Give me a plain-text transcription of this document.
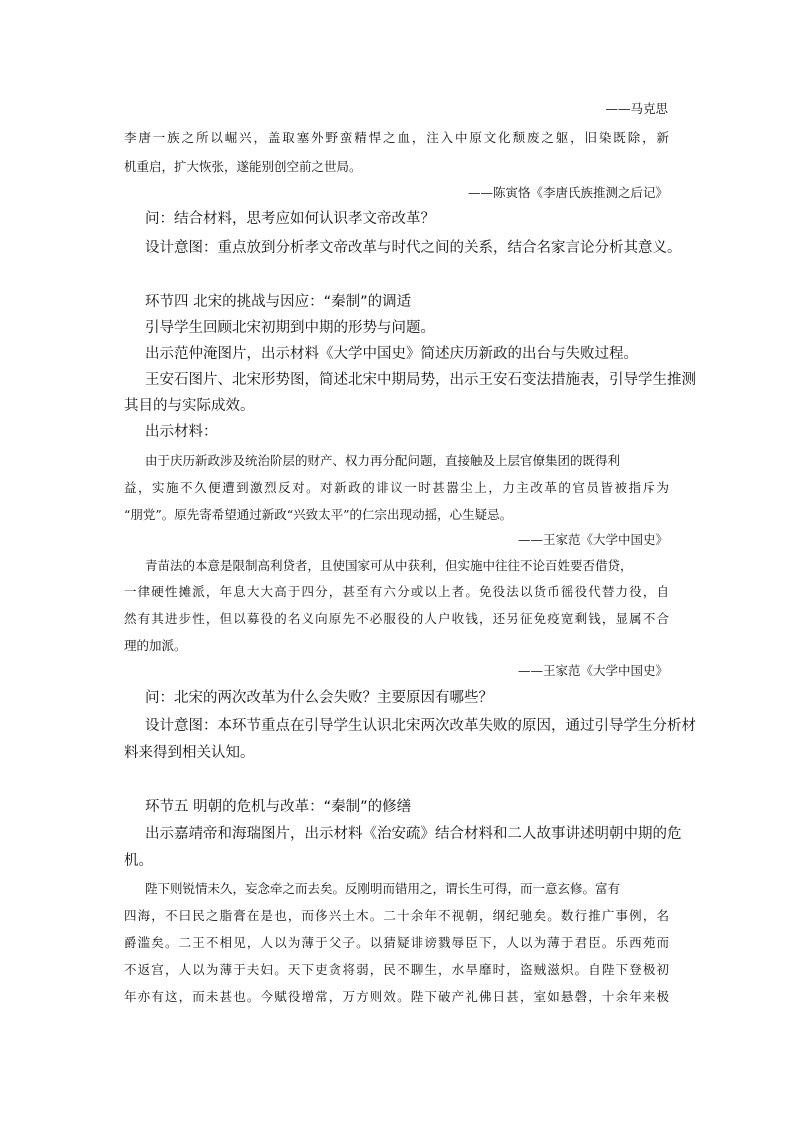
——马克思
李唐一族之所以崛兴，盖取塞外野蛮精悍之血，注入中原文化颓废之躯，旧染既除，新
机重启，扩大恢张，遂能别创空前之世局。
——陈寅恪《李唐氏族推测之后记》
问：结合材料，思考应如何认识孝文帝改革？
设计意图：重点放到分析孝文帝改革与时代之间的关系，结合名家言论分析其意义。
环节四 北宋的挑战与因应：“秦制”的调适
引导学生回顾北宋初期到中期的形势与问题。
出示范仲淹图片，出示材料《大学中国史》简述庆历新政的出台与失败过程。
王安石图片、北宋形势图，简述北宋中期局势，出示王安石变法措施表，引导学生推测
其目的与实际成效。
出示材料：
由于庆历新政涉及统治阶层的财产、权力再分配问题，直接触及上层官僚集团的既得利
益，实施不久便遭到激烈反对。对新政的诽议一时甚嚣尘上，力主改革的官员皆被指斥为
“朋党”。原先寄希望通过新政“兴致太平”的仁宗出现动摇，心生疑忌。
——王家范《大学中国史》
青苗法的本意是限制高利贷者，且使国家可从中获利，但实施中往往不论百姓要否借贷，
一律硬性摊派，年息大大高于四分，甚至有六分或以上者。免役法以货币徭役代替力役，自
然有其进步性，但以募役的名义向原先不必服役的人户收钱，还另征免疫宽剩钱，显属不合
理的加派。
——王家范《大学中国史》
问：北宋的两次改革为什么会失败？主要原因有哪些？
设计意图：本环节重点在引导学生认识北宋两次改革失败的原因，通过引导学生分析材
料来得到相关认知。
环节五 明朝的危机与改革：“秦制”的修缮
出示嘉靖帝和海瑞图片，出示材料《治安疏》结合材料和二人故事讲述明朝中期的危
机。
陛下则锐情未久，妄念牵之而去矣。反刚明而错用之，谓长生可得，而一意玄修。富有
四海，不曰民之脂膏在是也，而侈兴土木。二十余年不视朝，纲纪驰矣。数行推广事例，名
爵滥矣。二王不相见，人以为薄于父子。以猜疑诽谤戮辱臣下，人以为薄于君臣。乐西苑而
不返宫，人以为薄于夫妇。天下吏贪将弱，民不聊生，水旱靡时，盗贼滋炽。自陛下登极初
年亦有这，而未甚也。今赋役增常，万方则效。陛下破产礼佛日甚，室如悬磬，十余年来极
